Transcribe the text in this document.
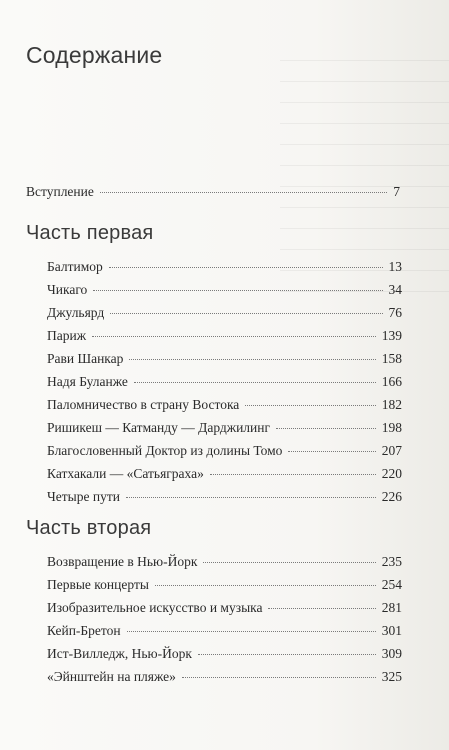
Содержание
Вступление	7
Часть первая
Балтимор	13
Чикаго	34
Джульярд	76
Париж	139
Рави Шанкар	158
Надя Буланже	166
Паломничество в страну Востока	182
Ришикеш — Катманду — Дарджилинг	198
Благословенный Доктор из долины Томо	207
Катхакали — «Сатьяграха»	220
Четыре пути	226
Часть вторая
Возвращение в Нью-Йорк	235
Первые концерты	254
Изобразительное искусство и музыка	281
Кейп-Бретон	301
Ист-Вилледж, Нью-Йорк	309
«Эйнштейн на пляже»	325
